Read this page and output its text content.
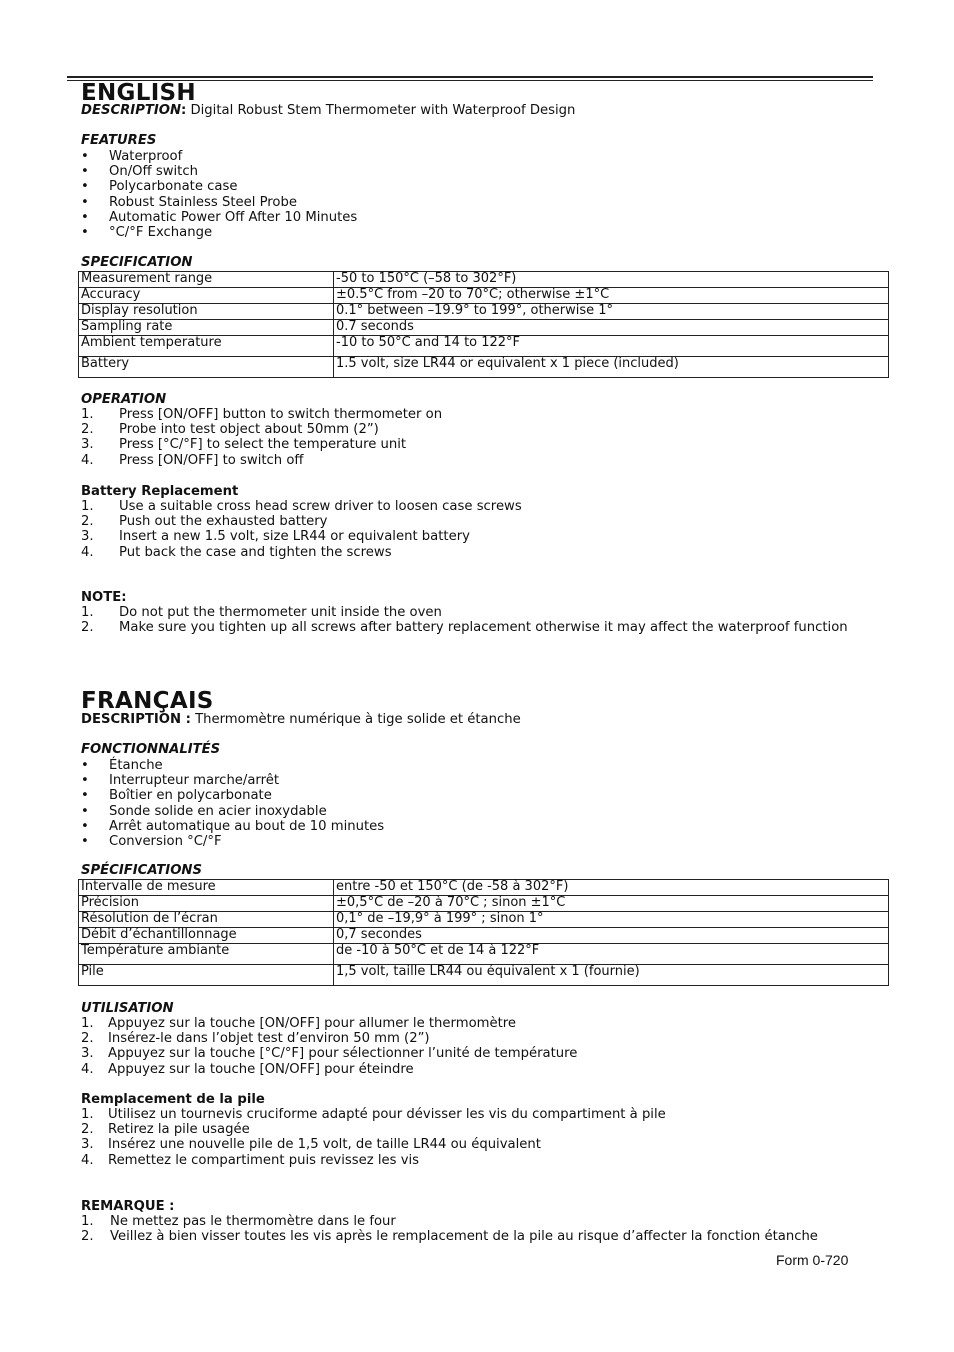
ENGLISH
DESCRIPTION: Digital Robust Stem Thermometer with Waterproof Design
FEATURES
• Waterproof
• On/Off switch
• Polycarbonate case
• Robust Stainless Steel Probe
• Automatic Power Off After 10 Minutes
• °C/°F Exchange
SPECIFICATION
Measurement range	-50 to 150°C (–58 to 302°F)
Accuracy	±0.5°C from –20 to 70°C; otherwise ±1°C
Display resolution	0.1° between –19.9° to 199°, otherwise 1°
Sampling rate	0.7 seconds
Ambient temperature	-10 to 50°C and 14 to 122°F
Battery	1.5 volt, size LR44 or equivalent x 1 piece (included)
OPERATION
1. Press [ON/OFF] button to switch thermometer on
2. Probe into test object about 50mm (2”)
3. Press [°C/°F] to select the temperature unit
4. Press [ON/OFF] to switch off
Battery Replacement
1. Use a suitable cross head screw driver to loosen case screws
2. Push out the exhausted battery
3. Insert a new 1.5 volt, size LR44 or equivalent battery
4. Put back the case and tighten the screws
NOTE:
1. Do not put the thermometer unit inside the oven
2. Make sure you tighten up all screws after battery replacement otherwise it may affect the waterproof function
FRANÇAIS
DESCRIPTION : Thermomètre numérique à tige solide et étanche
FONCTIONNALITÉS
• Étanche
• Interrupteur marche/arrêt
• Boîtier en polycarbonate
• Sonde solide en acier inoxydable
• Arrêt automatique au bout de 10 minutes
• Conversion °C/°F
SPÉCIFICATIONS
Intervalle de mesure	entre -50 et 150°C (de -58 à 302°F)
Précision	±0,5°C de –20 à 70°C ; sinon ±1°C
Résolution de l’écran	0,1° de –19,9° à 199° ; sinon 1°
Débit d’échantillonnage	0,7 secondes
Température ambiante	de -10 à 50°C et de 14 à 122°F
Pile	1,5 volt, taille LR44 ou équivalent x 1 (fournie)
UTILISATION
1. Appuyez sur la touche [ON/OFF] pour allumer le thermomètre
2. Insérez-le dans l’objet test d’environ 50 mm (2”)
3. Appuyez sur la touche [°C/°F] pour sélectionner l’unité de température
4. Appuyez sur la touche [ON/OFF] pour éteindre
Remplacement de la pile
1. Utilisez un tournevis cruciforme adapté pour dévisser les vis du compartiment à pile
2. Retirez la pile usagée
3. Insérez une nouvelle pile de 1,5 volt, de taille LR44 ou équivalent
4. Remettez le compartiment puis revissez les vis
REMARQUE :
1. Ne mettez pas le thermomètre dans le four
2. Veillez à bien visser toutes les vis après le remplacement de la pile au risque d’affecter la fonction étanche
Form 0-720
